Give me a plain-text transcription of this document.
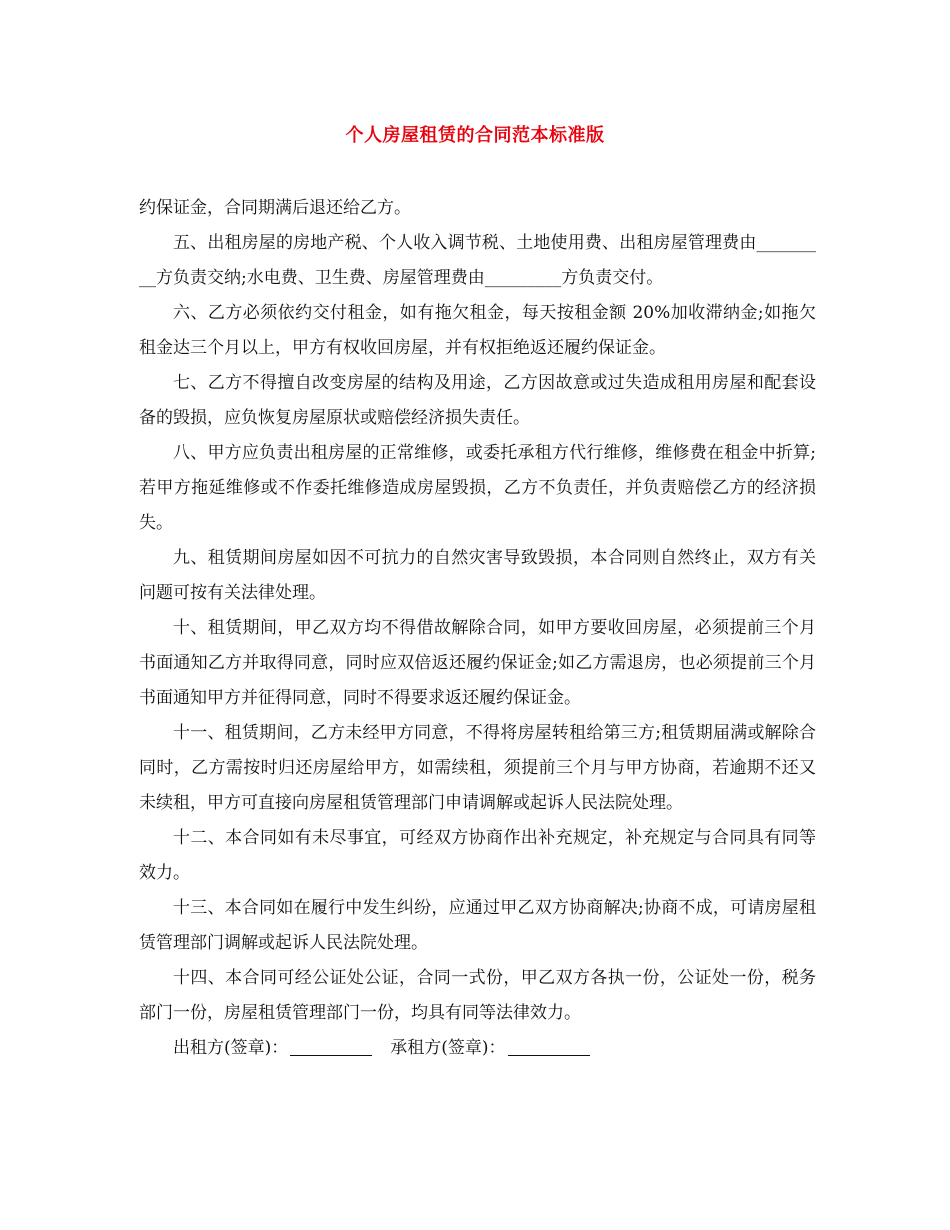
个人房屋租赁的合同范本标准版

约保证金，合同期满后退还给乙方。

五、出租房屋的房地产税、个人收入调节税、土地使用费、出租房屋管理费由_________方负责交纳;水电费、卫生费、房屋管理费由_________方负责交付。

六、乙方必须依约交付租金，如有拖欠租金，每天按租金额 20%加收滞纳金;如拖欠租金达三个月以上，甲方有权收回房屋，并有权拒绝返还履约保证金。

七、乙方不得擅自改变房屋的结构及用途，乙方因故意或过失造成租用房屋和配套设备的毁损，应负恢复房屋原状或赔偿经济损失责任。

八、甲方应负责出租房屋的正常维修，或委托承租方代行维修，维修费在租金中折算;若甲方拖延维修或不作委托维修造成房屋毁损，乙方不负责任，并负责赔偿乙方的经济损失。

九、租赁期间房屋如因不可抗力的自然灾害导致毁损，本合同则自然终止，双方有关问题可按有关法律处理。

十、租赁期间，甲乙双方均不得借故解除合同，如甲方要收回房屋，必须提前三个月书面通知乙方并取得同意，同时应双倍返还履约保证金;如乙方需退房，也必须提前三个月书面通知甲方并征得同意，同时不得要求返还履约保证金。

十一、租赁期间，乙方未经甲方同意，不得将房屋转租给第三方;租赁期届满或解除合同时，乙方需按时归还房屋给甲方，如需续租，须提前三个月与甲方协商，若逾期不还又未续租，甲方可直接向房屋租赁管理部门申请调解或起诉人民法院处理。

十二、本合同如有未尽事宜，可经双方协商作出补充规定，补充规定与合同具有同等效力。

十三、本合同如在履行中发生纠纷，应通过甲乙双方协商解决;协商不成，可请房屋租赁管理部门调解或起诉人民法院处理。

十四、本合同可经公证处公证，合同一式份，甲乙双方各执一份，公证处一份，税务部门一份，房屋租赁管理部门一份，均具有同等法律效力。

出租方(签章)：	承租方(签章)：
